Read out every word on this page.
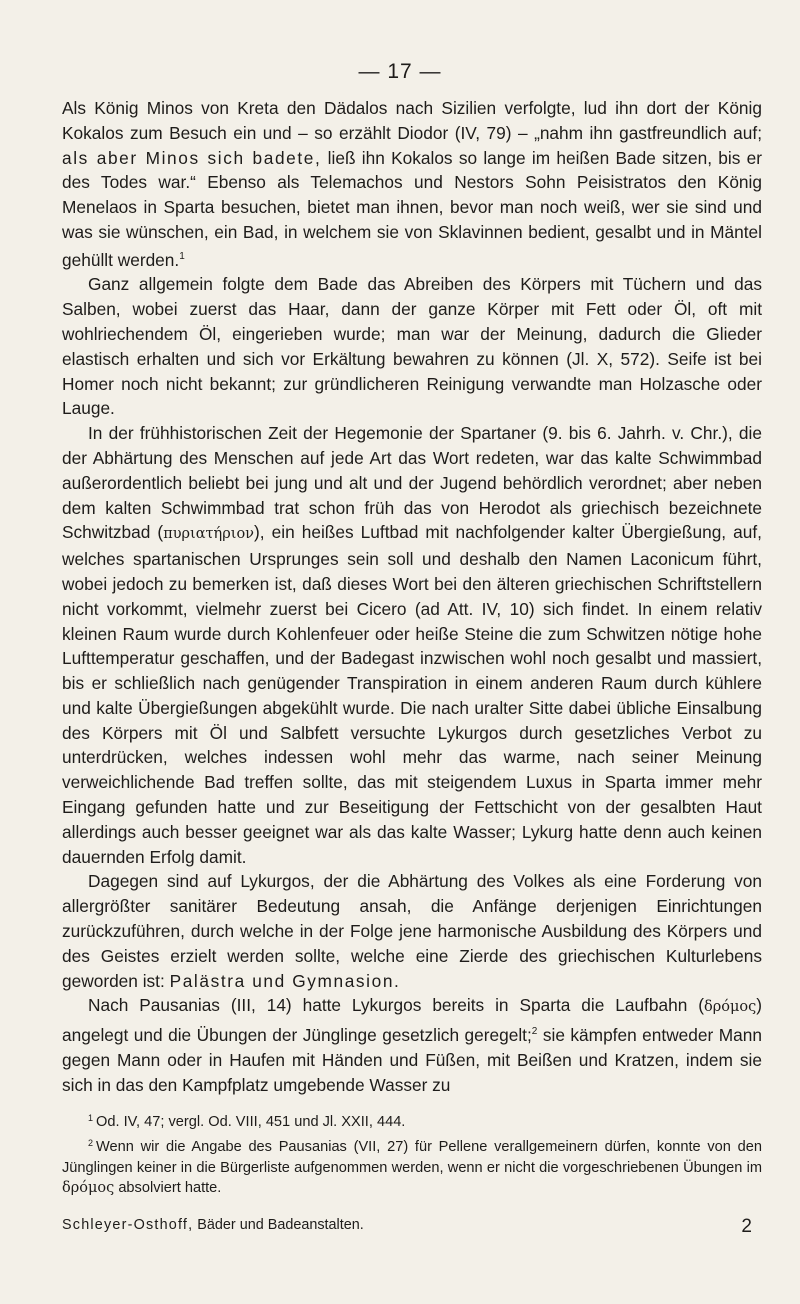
— 17 —

Als König Minos von Kreta den Dädalos nach Sizilien verfolgte, lud ihn dort der König Kokalos zum Besuch ein und – so erzählt Diodor (IV, 79) – „nahm ihn gastfreundlich auf; als aber Minos sich badete, ließ ihn Kokalos so lange im heißen Bade sitzen, bis er des Todes war.“ Ebenso als Telemachos und Nestors Sohn Peisistratos den König Menelaos in Sparta besuchen, bietet man ihnen, bevor man noch weiß, wer sie sind und was sie wünschen, ein Bad, in welchem sie von Sklavinnen bedient, gesalbt und in Mäntel gehüllt werden.$^1$

Ganz allgemein folgte dem Bade das Abreiben des Körpers mit Tüchern und das Salben, wobei zuerst das Haar, dann der ganze Körper mit Fett oder Öl, oft mit wohlriechendem Öl, eingerieben wurde; man war der Meinung, dadurch die Glieder elastisch erhalten und sich vor Erkältung bewahren zu können (Jl. X, 572). Seife ist bei Homer noch nicht bekannt; zur gründlicheren Reinigung verwandte man Holzasche oder Lauge.

In der frühhistorischen Zeit der Hegemonie der Spartaner (9. bis 6. Jahrh. v. Chr.), die der Abhärtung des Menschen auf jede Art das Wort redeten, war das kalte Schwimmbad außerordentlich beliebt bei jung und alt und der Jugend behördlich verordnet; aber neben dem kalten Schwimmbad trat schon früh das von Herodot als griechisch bezeichnete Schwitzbad (πυριατήριον), ein heißes Luftbad mit nachfolgender kalter Übergießung, auf, welches spartanischen Ursprunges sein soll und deshalb den Namen Laconicum führt, wobei jedoch zu bemerken ist, daß dieses Wort bei den älteren griechischen Schriftstellern nicht vorkommt, vielmehr zuerst bei Cicero (ad Att. IV, 10) sich findet. In einem relativ kleinen Raum wurde durch Kohlenfeuer oder heiße Steine die zum Schwitzen nötige hohe Lufttemperatur geschaffen, und der Badegast inzwischen wohl noch gesalbt und massiert, bis er schließlich nach genügender Transpiration in einem anderen Raum durch kühlere und kalte Übergießungen abgekühlt wurde. Die nach uralter Sitte dabei übliche Einsalbung des Körpers mit Öl und Salbfett versuchte Lykurgos durch gesetzliches Verbot zu unterdrücken, welches indessen wohl mehr das warme, nach seiner Meinung verweichlichende Bad treffen sollte, das mit steigendem Luxus in Sparta immer mehr Eingang gefunden hatte und zur Beseitigung der Fettschicht von der gesalbten Haut allerdings auch besser geeignet war als das kalte Wasser; Lykurg hatte denn auch keinen dauernden Erfolg damit.

Dagegen sind auf Lykurgos, der die Abhärtung des Volkes als eine Forderung von allergrößter sanitärer Bedeutung ansah, die Anfänge derjenigen Einrichtungen zurückzuführen, durch welche in der Folge jene harmonische Ausbildung des Körpers und des Geistes erzielt werden sollte, welche eine Zierde des griechischen Kulturlebens geworden ist: Palästra und Gymnasion.

Nach Pausanias (III, 14) hatte Lykurgos bereits in Sparta die Laufbahn (δρόμος) angelegt und die Übungen der Jünglinge gesetzlich geregelt;$^2$ sie kämpfen entweder Mann gegen Mann oder in Haufen mit Händen und Füßen, mit Beißen und Kratzen, indem sie sich in das den Kampfplatz umgebende Wasser zu

$^1$ Od. IV, 47; vergl. Od. VIII, 451 und Jl. XXII, 444.

$^2$ Wenn wir die Angabe des Pausanias (VII, 27) für Pellene verallgemeinern dürfen, konnte von den Jünglingen keiner in die Bürgerliste aufgenommen werden, wenn er nicht die vorgeschriebenen Übungen im δρόμος absolviert hatte.

Schleyer-Osthoff, Bäder und Badeanstalten.	2
